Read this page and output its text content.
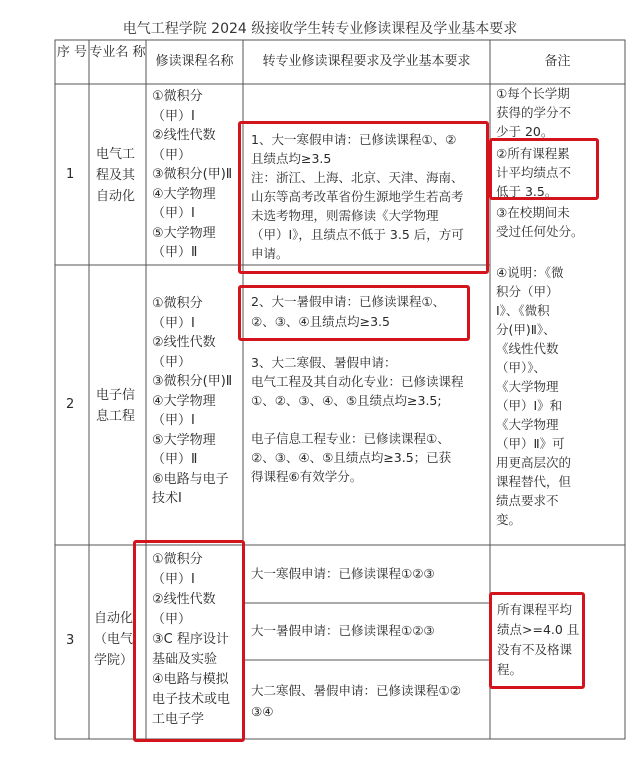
电气工程学院 2024 级接收学生转专业修读课程及学业基本要求
序 号 专业名 称
修读课程名称	转专业修读课程要求及学业基本要求	备注
1
电气工
程及其
自动化
①微积分
（甲）Ⅰ
②线性代数
（甲）
③微积分(甲)Ⅱ
④大学物理
（甲）Ⅰ
⑤大学物理
（甲）Ⅱ
1、大一寒假申请：已修读课程①、②
且绩点均≥3.5
注：浙江、上海、北京、天津、海南、
山东等高考改革省份生源地学生若高考
未选考物理，则需修读《大学物理
（甲）Ⅰ》，且绩点不低于 3.5 后，方可
申请。
2
电子信
息工程
①微积分
（甲）Ⅰ
②线性代数
（甲）
③微积分(甲)Ⅱ
④大学物理
（甲）Ⅰ
⑤大学物理
（甲）Ⅱ
⑥电路与电子
技术Ⅰ
2、大一暑假申请：已修读课程①、
②、③、④且绩点均≥3.5
3、大二寒假、暑假申请：
电气工程及其自动化专业：已修读课程
①、②、③、④、⑤且绩点均≥3.5;

电子信息工程专业：已修读课程①、
②、③、④、⑤且绩点均≥3.5；已获
得课程⑥有效学分。
①每个长学期
获得的学分不
少于 20。
②所有课程累
计平均绩点不
低于 3.5。
③在校期间未
受过任何处分。
④说明：《微
积分（甲）
Ⅰ》、《微积
分(甲)Ⅱ》、
《线性代数
（甲）》、
《大学物理
（甲）Ⅰ》和
《大学物理
（甲）Ⅱ》可
用更高层次的
课程替代，但
绩点要求不
变。
3
自动化
（电气
学院）
①微积分
（甲）Ⅰ
②线性代数
（甲）
③C 程序设计
基础及实验
④电路与模拟
电子技术或电
工电子学
大一寒假申请：已修读课程①②③
大一暑假申请：已修读课程①②③
大二寒假、暑假申请：已修读课程①②
③④
所有课程平均
绩点>=4.0 且
没有不及格课
程。
